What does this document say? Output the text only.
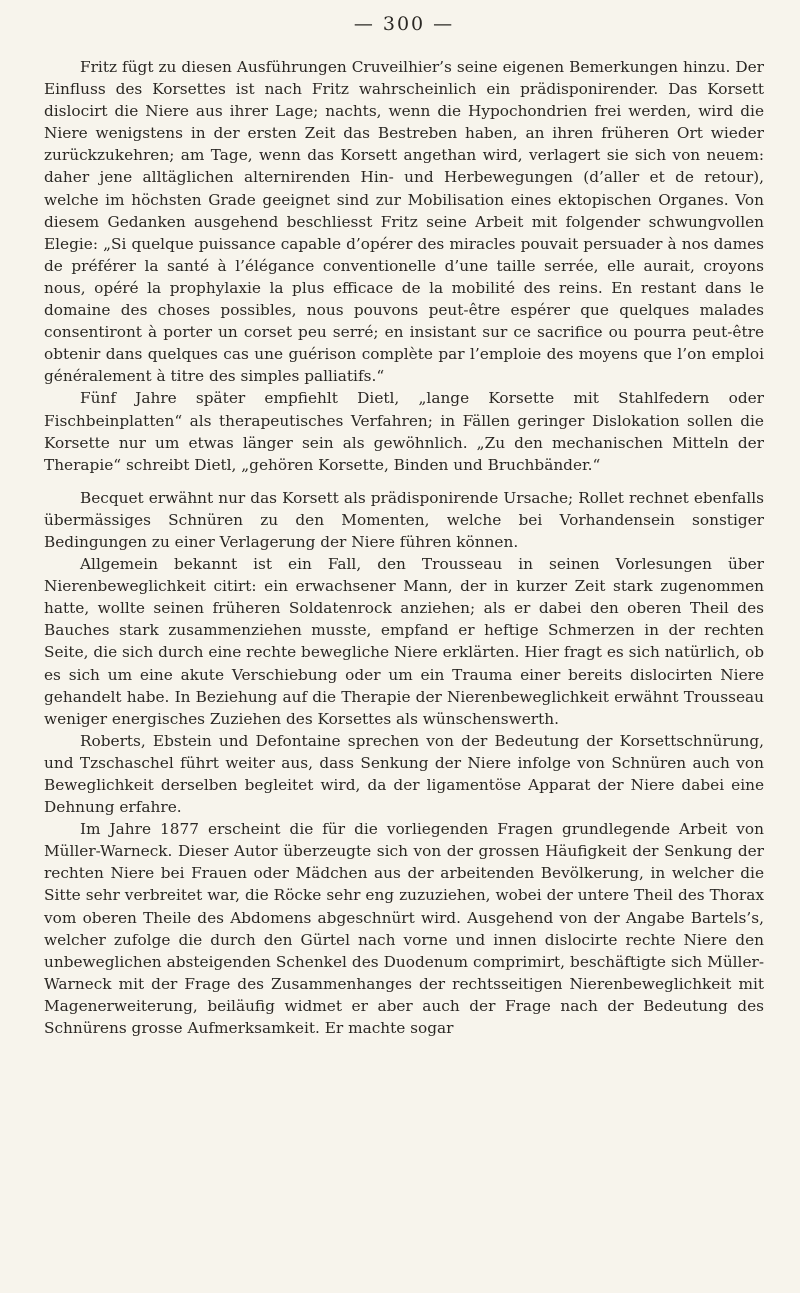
— 300 —

Fritz fügt zu diesen Ausführungen Cruveilhier’s seine eigenen Bemerkungen hinzu. Der Einfluss des Korsettes ist nach Fritz wahrscheinlich ein prädisponirender. Das Korsett dislocirt die Niere aus ihrer Lage; nachts, wenn die Hypochondrien frei werden, wird die Niere wenigstens in der ersten Zeit das Bestreben haben, an ihren früheren Ort wieder zurückzukehren; am Tage, wenn das Korsett angethan wird, verlagert sie sich von neuem: daher jene alltäglichen alternirenden Hin- und Herbewegungen (d’aller et de retour), welche im höchsten Grade geeignet sind zur Mobilisation eines ektopischen Organes. Von diesem Gedanken ausgehend beschliesst Fritz seine Arbeit mit folgender schwungvollen Elegie: „Si quelque puissance capable d’opérer des miracles pouvait persuader à nos dames de préférer la santé à l’élégance conventionelle d’une taille serrée, elle aurait, croyons nous, opéré la prophylaxie la plus efficace de la mobilité des reins. En restant dans le domaine des choses possibles, nous pouvons peut-être espérer que quelques malades consentiront à porter un corset peu serré; en insistant sur ce sacrifice ou pourra peut-être obtenir dans quelques cas une guérison complète par l’emploie des moyens que l’on emploi généralement à titre des simples palliatifs.“

Fünf Jahre später empfiehlt Dietl, „lange Korsette mit Stahlfedern oder Fischbeinplatten“ als therapeutisches Verfahren; in Fällen geringer Dislokation sollen die Korsette nur um etwas länger sein als gewöhnlich. „Zu den mechanischen Mitteln der Therapie“ schreibt Dietl, „gehören Korsette, Binden und Bruchbänder.“

Becquet erwähnt nur das Korsett als prädisponirende Ursache; Rollet rechnet ebenfalls übermässiges Schnüren zu den Momenten, welche bei Vorhandensein sonstiger Bedingungen zu einer Verlagerung der Niere führen können.

Allgemein bekannt ist ein Fall, den Trousseau in seinen Vorlesungen über Nierenbeweglichkeit citirt: ein erwachsener Mann, der in kurzer Zeit stark zugenommen hatte, wollte seinen früheren Soldatenrock anziehen; als er dabei den oberen Theil des Bauches stark zusammenziehen musste, empfand er heftige Schmerzen in der rechten Seite, die sich durch eine rechte bewegliche Niere erklärten. Hier fragt es sich natürlich, ob es sich um eine akute Verschiebung oder um ein Trauma einer bereits dislocirten Niere gehandelt habe. In Beziehung auf die Therapie der Nierenbeweglichkeit erwähnt Trousseau weniger energisches Zuziehen des Korsettes als wünschenswerth.

Roberts, Ebstein und Defontaine sprechen von der Bedeutung der Korsettschnürung, und Tzschaschel führt weiter aus, dass Senkung der Niere infolge von Schnüren auch von Beweglichkeit derselben begleitet wird, da der ligamentöse Apparat der Niere dabei eine Dehnung erfahre.

Im Jahre 1877 erscheint die für die vorliegenden Fragen grundlegende Arbeit von Müller-Warneck. Dieser Autor überzeugte sich von der grossen Häufigkeit der Senkung der rechten Niere bei Frauen oder Mädchen aus der arbeitenden Bevölkerung, in welcher die Sitte sehr verbreitet war, die Röcke sehr eng zuzuziehen, wobei der untere Theil des Thorax vom oberen Theile des Abdomens abgeschnürt wird. Ausgehend von der Angabe Bartels’s, welcher zufolge die durch den Gürtel nach vorne und innen dislocirte rechte Niere den unbeweglichen absteigenden Schenkel des Duodenum comprimirt, beschäftigte sich Müller-Warneck mit der Frage des Zusammenhanges der rechtsseitigen Nierenbeweglichkeit mit Magenerweiterung, beiläufig widmet er aber auch der Frage nach der Bedeutung des Schnürens grosse Aufmerksamkeit. Er machte sogar
